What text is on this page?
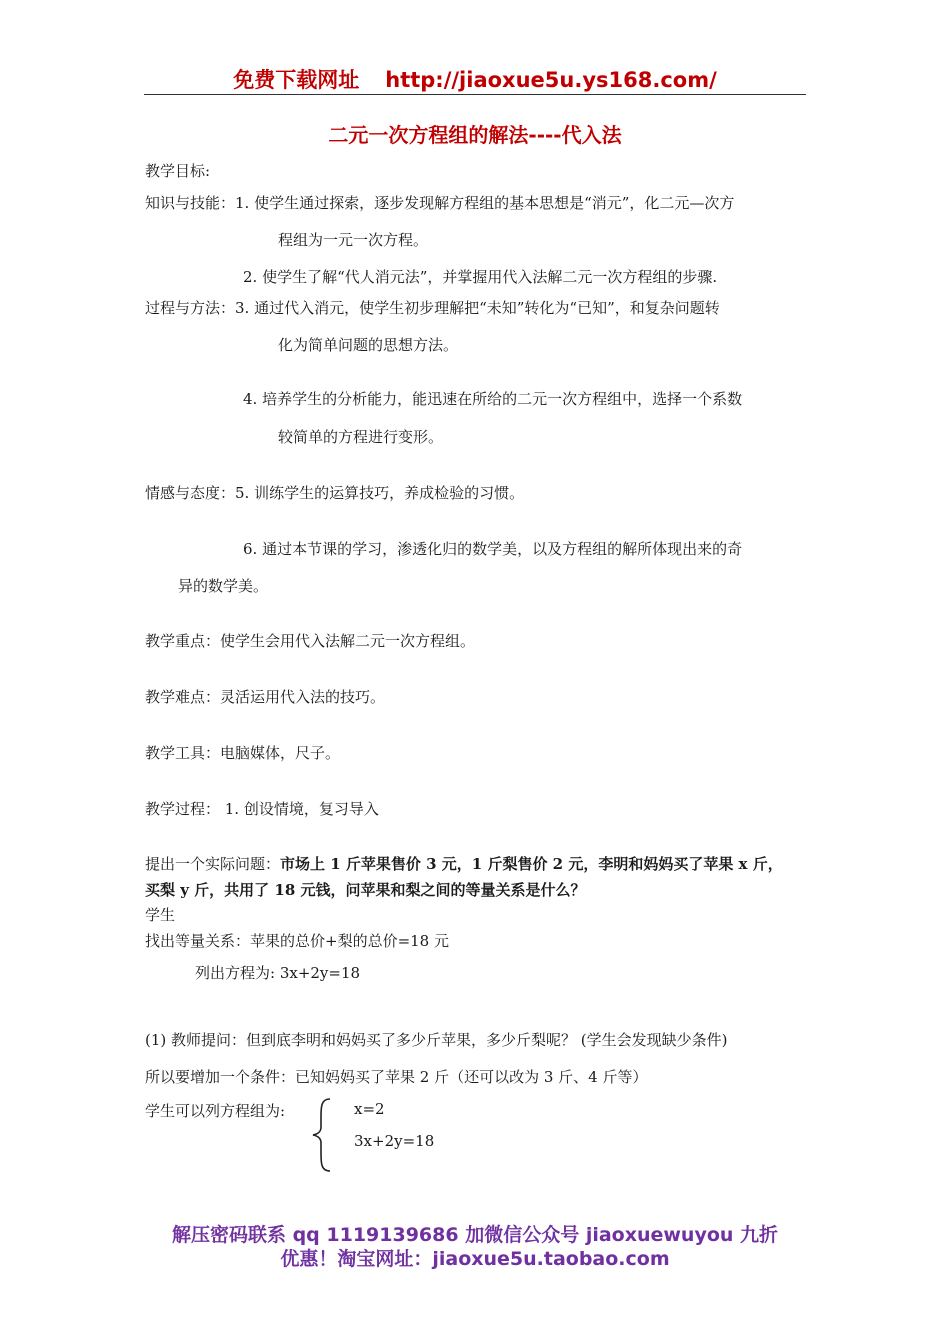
免费下载网址 http://jiaoxue5u.ys168.com/
二元一次方程组的解法----代入法
教学目标:
知识与技能：1. 使学生通过探索，逐步发现解方程组的基本思想是“消元”，化二元—次方
程组为一元一次方程。
2. 使学生了解“代人消元法”，并掌握用代入法解二元一次方程组的步骤.
过程与方法：3. 通过代入消元，使学生初步理解把“未知”转化为“已知”，和复杂问题转
化为简单问题的思想方法。
4. 培养学生的分析能力，能迅速在所给的二元一次方程组中，选择一个系数
较简单的方程进行变形。
情感与态度：5. 训练学生的运算技巧，养成检验的习惯。
6. 通过本节课的学习，渗透化归的数学美，以及方程组的解所体现出来的奇
异的数学美。
教学重点：使学生会用代入法解二元一次方程组。
教学难点：灵活运用代入法的技巧。
教学工具：电脑媒体，尺子。
教学过程： 1. 创设情境，复习导入
提出一个实际问题：市场上 1 斤苹果售价 3 元，1 斤梨售价 2 元，李明和妈妈买了苹果 x 斤，
买梨 y 斤，共用了 18 元钱，问苹果和梨之间的等量关系是什么？
学生
找出等量关系：苹果的总价+梨的总价=18 元
列出方程为: 3x+2y=18
(1) 教师提问：但到底李明和妈妈买了多少斤苹果，多少斤梨呢？ (学生会发现缺少条件)
所以要增加一个条件：已知妈妈买了苹果 2 斤（还可以改为 3 斤、4 斤等）
学生可以列方程组为:	x=2
3x+2y=18
解压密码联系 qq 1119139686 加微信公众号 jiaoxuewuyou 九折
优惠！淘宝网址：jiaoxue5u.taobao.com
